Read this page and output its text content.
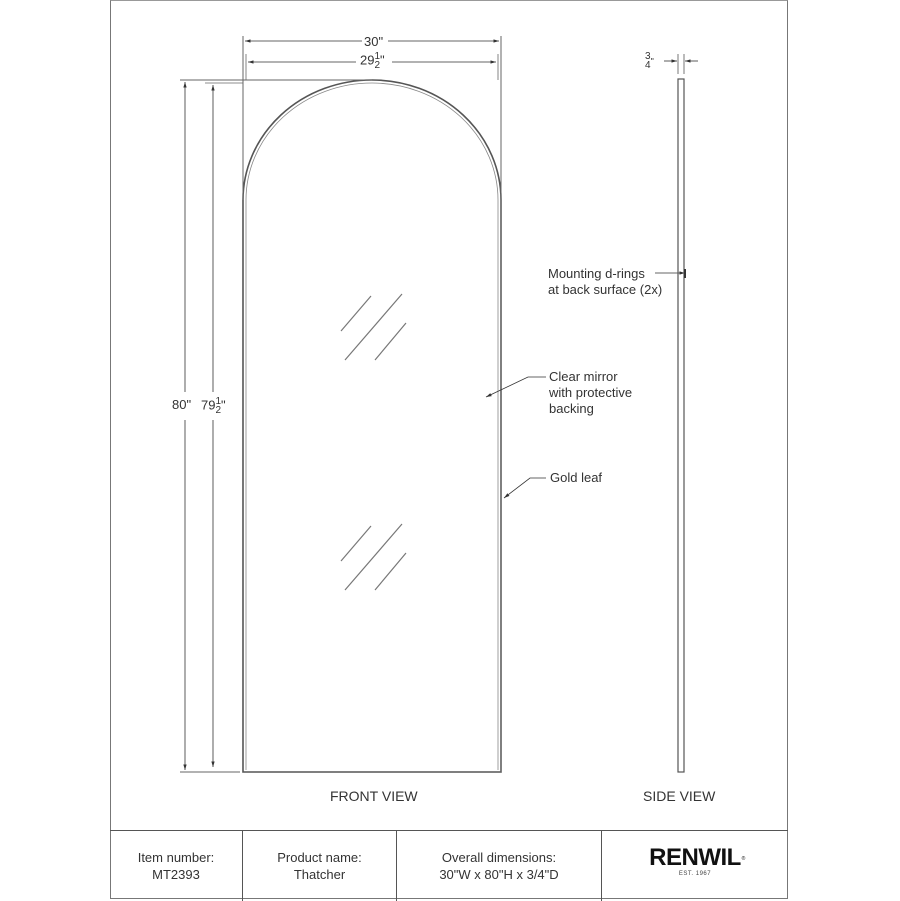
30"
291
2"
80" 791
2"
3
4"
Mounting d-rings
at back surface (2x)
Clear mirror
with protective
backing
Gold leaf
FRONT VIEW	SIDE VIEW
Item number:
MT2393
Product name:
Thatcher
Overall dimensions:
30"W x 80"H x 3/4"D
RENWIL ®
EST. 1967
